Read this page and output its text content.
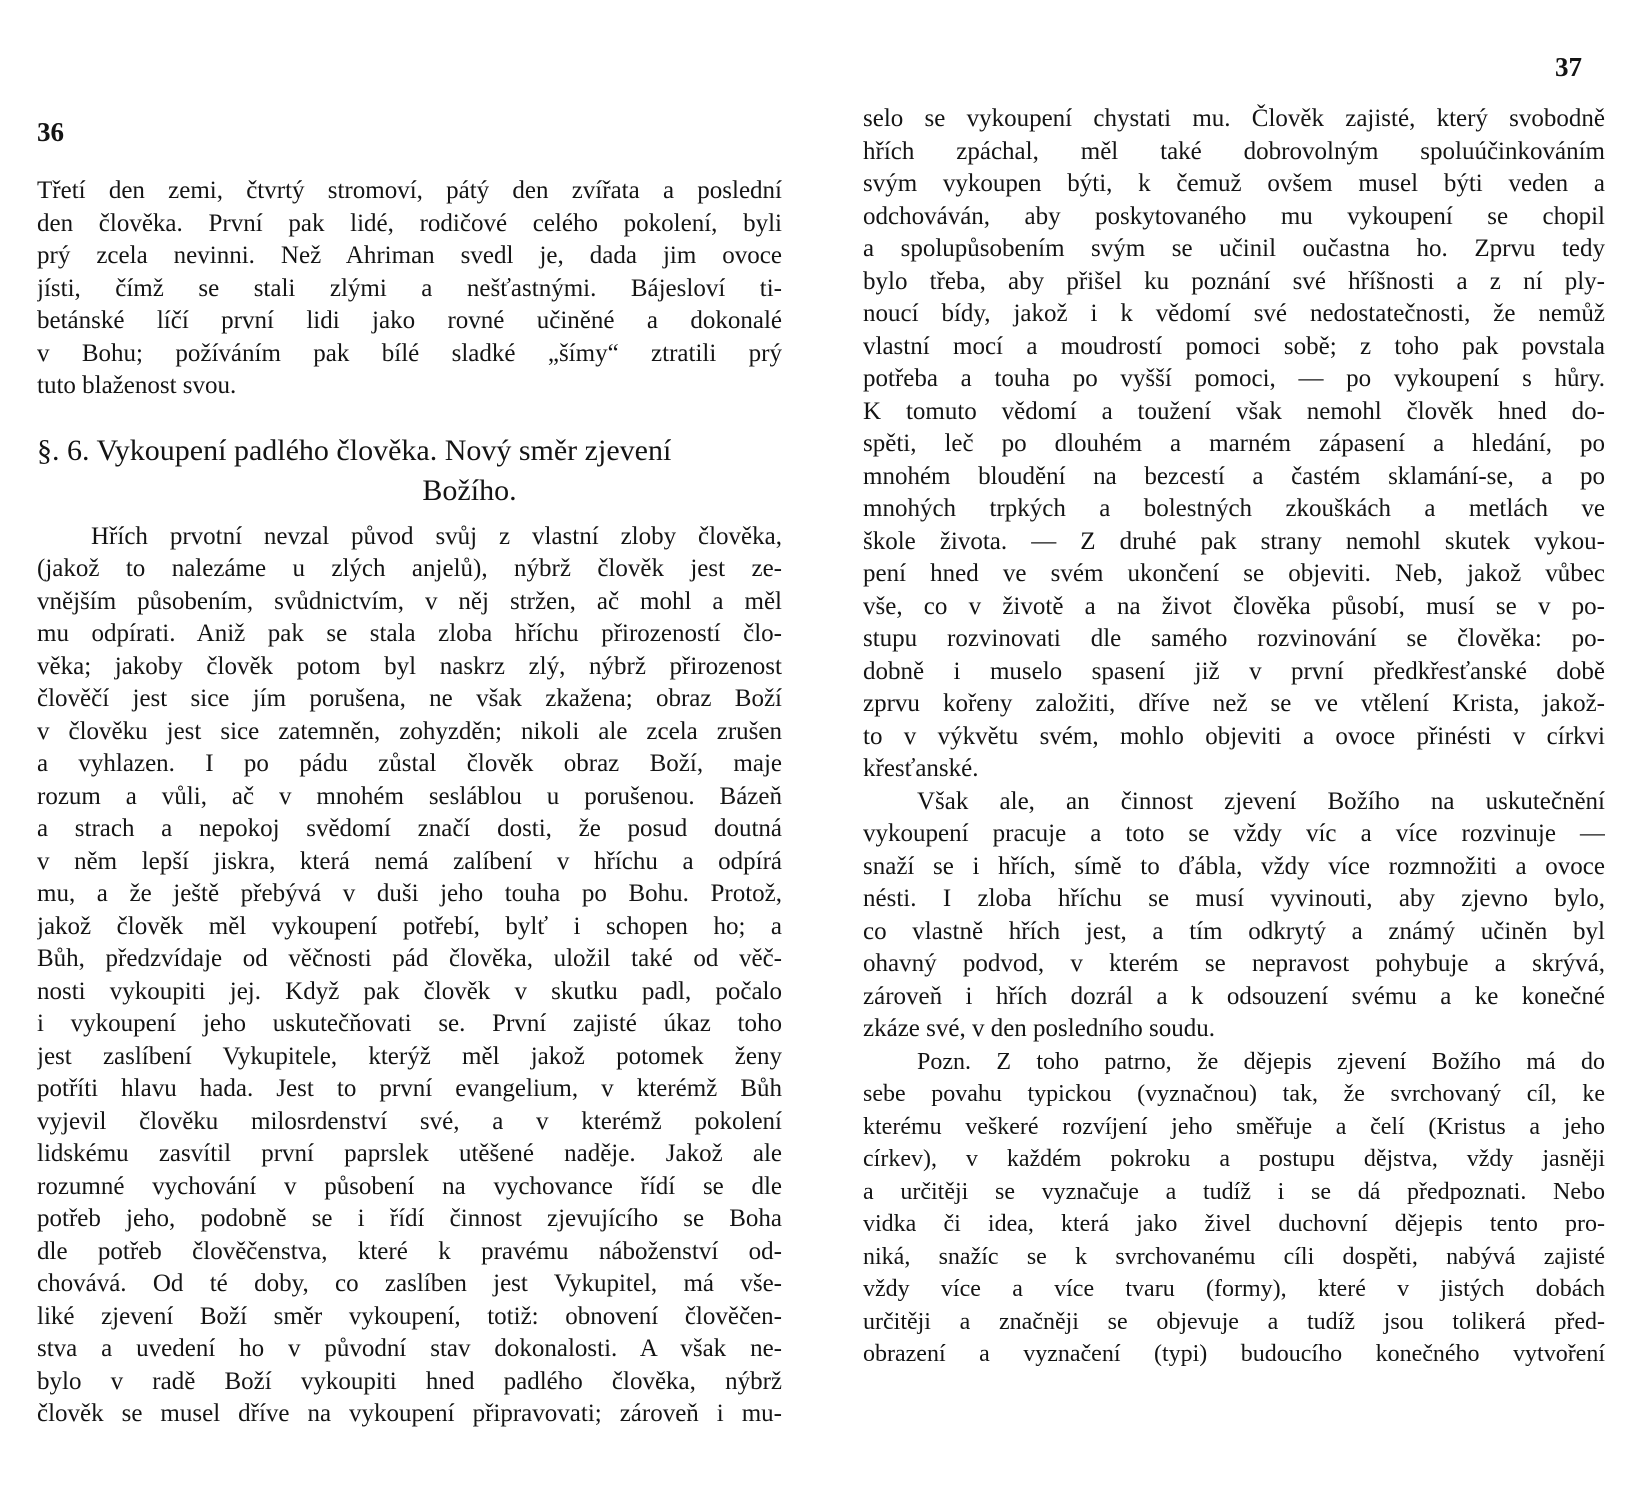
36
Třetí den zemi, čtvrtý stromoví, pátý den zvířata a poslední
den člověka. První pak lidé, rodičové celého pokolení, byli
prý zcela nevinni. Než Ahriman svedl je, dada jim ovoce
jísti, čímž se stali zlými a nešťastnými. Bájesloví ti-
betánské líčí první lidi jako rovné učiněné a dokonalé
v Bohu; požíváním pak bílé sladké „šímy“ ztratili prý
tuto blaženost svou.
§. 6. Vykoupení padlého člověka. Nový směr zjevení
Božího.
Hřích prvotní nevzal původ svůj z vlastní zloby člověka,
(jakož to nalezáme u zlých anjelů), nýbrž člověk jest ze-
vnějším působením, svůdnictvím, v něj stržen, ač mohl a měl
mu odpírati. Aniž pak se stala zloba hříchu přirozeností člo-
věka; jakoby člověk potom byl naskrz zlý, nýbrž přirozenost
člověčí jest sice jím porušena, ne však zkažena; obraz Boží
v člověku jest sice zatemněn, zohyzděn; nikoli ale zcela zrušen
a vyhlazen. I po pádu zůstal člověk obraz Boží, maje
rozum a vůli, ač v mnohém sesláblou u porušenou. Bázeň
a strach a nepokoj svědomí značí dosti, že posud doutná
v něm lepší jiskra, která nemá zalíbení v hříchu a odpírá
mu, a že ještě přebývá v duši jeho touha po Bohu. Protož,
jakož člověk měl vykoupení potřebí, bylť i schopen ho; a
Bůh, předzvídaje od věčnosti pád člověka, uložil také od věč-
nosti vykoupiti jej. Když pak člověk v skutku padl, počalo
i vykoupení jeho uskutečňovati se. První zajisté úkaz toho
jest zaslíbení Vykupitele, kterýž měl jakož potomek ženy
potříti hlavu hada. Jest to první evangelium, v kterémž Bůh
vyjevil člověku milosrdenství své, a v kterémž pokolení
lidskému zasvítil první paprslek utěšené naděje. Jakož ale
rozumné vychování v působení na vychovance řídí se dle
potřeb jeho, podobně se i řídí činnost zjevujícího se Boha
dle potřeb člověčenstva, které k pravému náboženství od-
chovává. Od té doby, co zaslíben jest Vykupitel, má vše-
liké zjevení Boží směr vykoupení, totiž: obnovení člověčen-
stva a uvedení ho v původní stav dokonalosti. A však ne-
bylo v radě Boží vykoupiti hned padlého člověka, nýbrž
člověk se musel dříve na vykoupení připravovati; zároveň i mu-
37
selo se vykoupení chystati mu. Člověk zajisté, který svobodně
hřích zpáchal, měl také dobrovolným spoluúčinkováním
svým vykoupen býti, k čemuž ovšem musel býti veden a
odchováván, aby poskytovaného mu vykoupení se chopil
a spolupůsobením svým se učinil oučastna ho. Zprvu tedy
bylo třeba, aby přišel ku poznání své hříšnosti a z ní ply-
noucí bídy, jakož i k vědomí své nedostatečnosti, že nemůž
vlastní mocí a moudrostí pomoci sobě; z toho pak povstala
potřeba a touha po vyšší pomoci, — po vykoupení s hůry.
K tomuto vědomí a toužení však nemohl člověk hned do-
spěti, leč po dlouhém a marném zápasení a hledání, po
mnohém bloudění na bezcestí a častém sklamání-se, a po
mnohých trpkých a bolestných zkouškách a metlách ve
škole života. — Z druhé pak strany nemohl skutek vykou-
pení hned ve svém ukončení se objeviti. Neb, jakož vůbec
vše, co v životě a na život člověka působí, musí se v po-
stupu rozvinovati dle samého rozvinování se člověka: po-
dobně i muselo spasení již v první předkřesťanské době
zprvu kořeny založiti, dříve než se ve vtělení Krista, jakož-
to v výkvětu svém, mohlo objeviti a ovoce přinésti v církvi
křesťanské.
Však ale, an činnost zjevení Božího na uskutečnění
vykoupení pracuje a toto se vždy víc a více rozvinuje —
snaží se i hřích, símě to ďábla, vždy více rozmnožiti a ovoce
nésti. I zloba hříchu se musí vyvinouti, aby zjevno bylo,
co vlastně hřích jest, a tím odkrytý a známý učiněn byl
ohavný podvod, v kterém se nepravost pohybuje a skrývá,
zároveň i hřích dozrál a k odsouzení svému a ke konečné
zkáze své, v den posledního soudu.
Pozn. Z toho patrno, že dějepis zjevení Božího má do
sebe povahu typickou (vyznačnou) tak, že svrchovaný cíl, ke
kterému veškeré rozvíjení jeho směřuje a čelí (Kristus a jeho
církev), v každém pokroku a postupu dějstva, vždy jasněji
a určitěji se vyznačuje a tudíž i se dá předpoznati. Nebo
vidka či idea, která jako živel duchovní dějepis tento pro-
niká, snažíc se k svrchovanému cíli dospěti, nabývá zajisté
vždy více a více tvaru (formy), které v jistých dobách
určitěji a značněji se objevuje a tudíž jsou tolikerá před-
obrazení a vyznačení (typi) budoucího konečného vytvoření
